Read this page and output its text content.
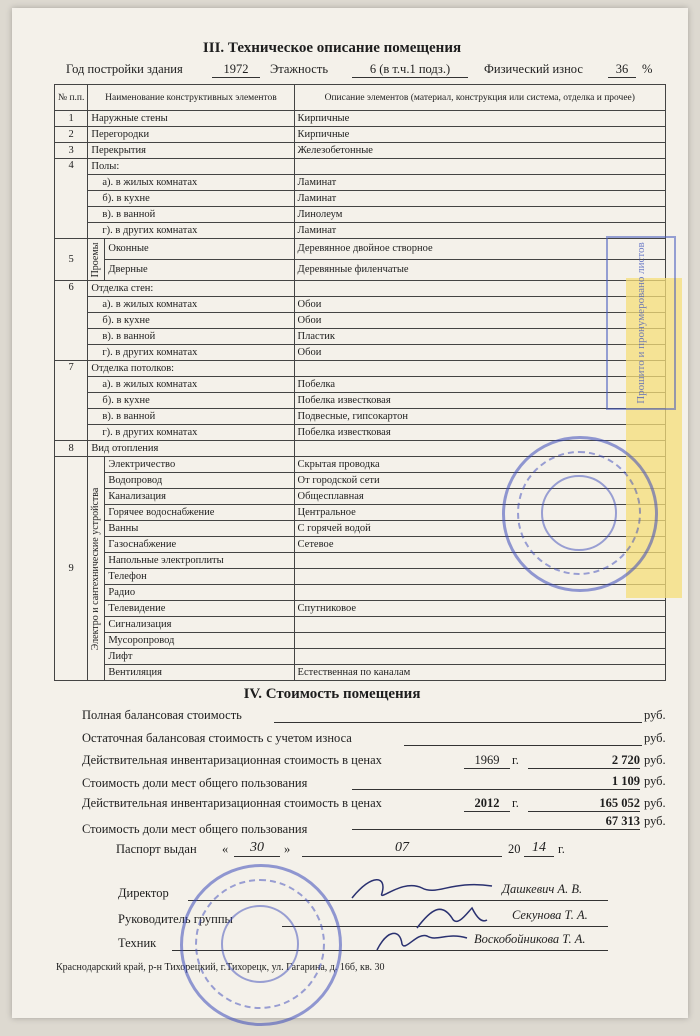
III. Техническое описание помещения
Год постройки здания	1972	Этажность	6 (в т.ч.1 подз.)	Физический износ	36	%
№ п.п.	Наименование конструктивных элементов		Описание элементов (материал, конструкция или система, отделка и прочее)
1	Наружные стены		Кирпичные
2	Перегородки		Кирпичные
3	Перекрытия		Железобетонные
4	Полы:		
	а). в жилых комнатах		Ламинат
	б). в кухне		Ламинат
	в). в ванной		Линолеум
	г). в других комнатах		Ламинат
5	Проемы	Оконные	Деревянное двойное створное
		Дверные	Деревянные филенчатые
6	Отделка стен:		
	а). в жилых комнатах		Обои
	б). в кухне		Обои
	в). в ванной		Пластик
	г). в других комнатах		Обои
7	Отделка потолков:		
	а). в жилых комнатах		Побелка
	б). в кухне		Побелка известковая
	в). в ванной		Подвесные, гипсокартон
	г). в других комнатах		Побелка известковая
8	Вид отопления		
9	Электро и сантехнические устройства	Электричество	Скрытая проводка
		Водопровод	От городской сети
		Канализация	Общесплавная
		Горячее водоснабжение	Центральное
		Ванны	С горячей водой
		Газоснабжение	Сетевое
		Напольные электроплиты	
		Телефон	
		Радио	
		Телевидение	Спутниковое
		Сигнализация	
		Мусоропровод	
		Лифт	
		Вентиляция	Естественная по каналам
IV. Стоимость помещения
Полная балансовая стоимость	руб.
Остаточная балансовая стоимость с учетом износа	руб.
Действительная инвентаризационная стоимость в ценах	1969	г.	2 720 руб.
Стоимость доли мест общего пользования	1 109 руб.
Действительная инвентаризационная стоимость в ценах	2012	г.	165 052 руб.
Стоимость доли мест общего пользования
67 313 руб.
Паспорт выдан «	30	»	07	20 14 г.
Директор	Дашкевич А. В.
Руководитель группы	Секунова Т. А.
Техник	Воскобойникова Т. А.
Краснодарский край, р-н Тихорецкий, г.Тихорецк, ул. Гагарина, д. 16б, кв. 30
Прошито и пронумеровано листов
